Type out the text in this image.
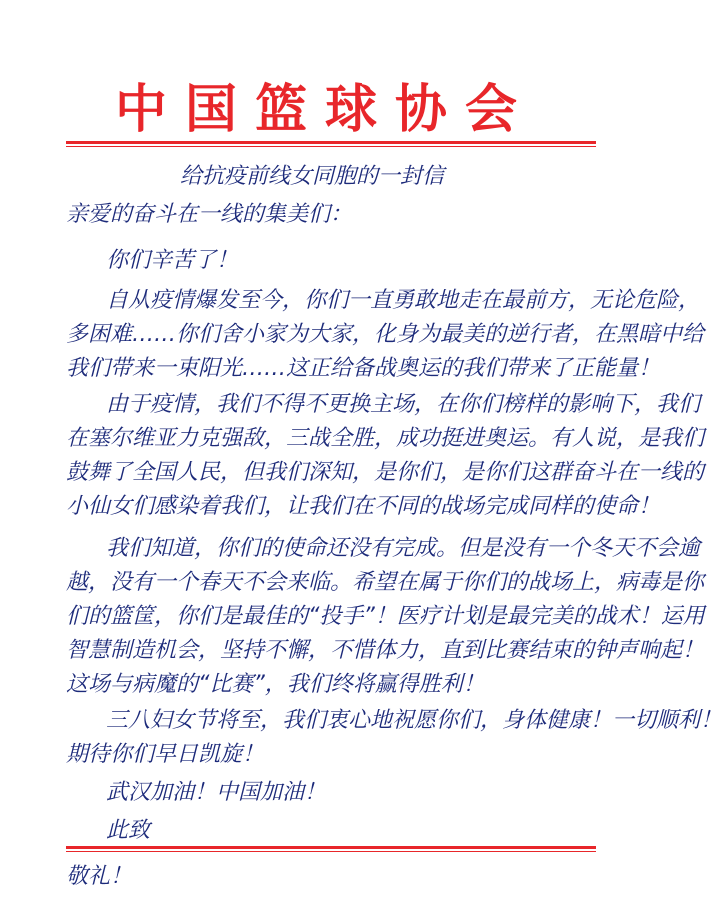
中国篮球协会
给抗疫前线女同胞的一封信
亲爱的奋斗在一线的集美们：
你们辛苦了！
自从疫情爆发至今，你们一直勇敢地走在最前方，无论危险，
多困难……你们舍小家为大家，化身为最美的逆行者，在黑暗中给
我们带来一束阳光……这正给备战奥运的我们带来了正能量！
由于疫情，我们不得不更换主场，在你们榜样的影响下，我们
在塞尔维亚力克强敌，三战全胜，成功挺进奥运。有人说，是我们
鼓舞了全国人民，但我们深知，是你们，是你们这群奋斗在一线的
小仙女们感染着我们，让我们在不同的战场完成同样的使命！
我们知道，你们的使命还没有完成。但是没有一个冬天不会逾
越，没有一个春天不会来临。希望在属于你们的战场上，病毒是你
们的篮筐，你们是最佳的“投手”！医疗计划是最完美的战术！运用
智慧制造机会，坚持不懈，不惜体力，直到比赛结束的钟声响起！
这场与病魔的“比赛”，我们终将赢得胜利！
三八妇女节将至，我们衷心地祝愿你们，身体健康！一切顺利！
期待你们早日凯旋！
武汉加油！中国加油！
此致
敬礼！
